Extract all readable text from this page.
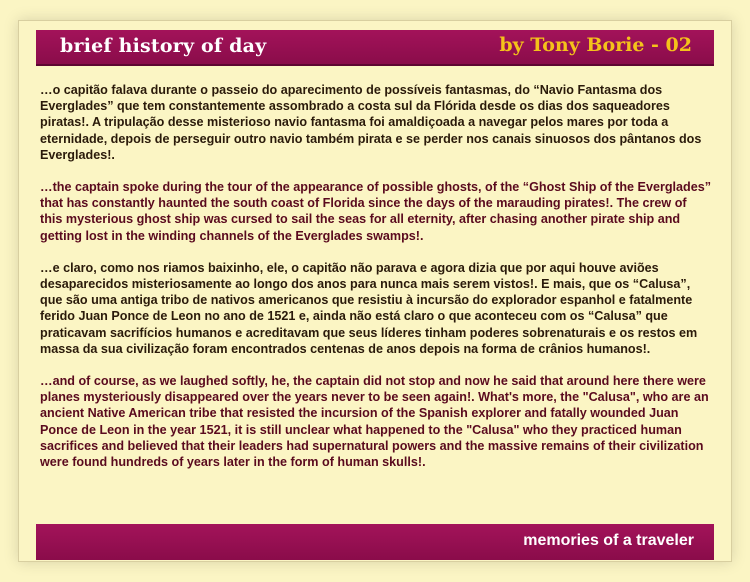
brief history of day	by Tony Borie - 02

…o capitão falava durante o passeio do aparecimento de possíveis fantasmas, do “Navio Fantasma dos Everglades” que tem constantemente assombrado a costa sul da Flórida desde os dias dos saqueadores piratas!. A tripulação desse misterioso navio fantasma foi amaldiçoada a navegar pelos mares por toda a eternidade, depois de perseguir outro navio também pirata e se perder nos canais sinuosos dos pântanos dos Everglades!.

…the captain spoke during the tour of the appearance of possible ghosts, of the “Ghost Ship of the Everglades” that has constantly haunted the south coast of Florida since the days of the marauding pirates!. The crew of this mysterious ghost ship was cursed to sail the seas for all eternity, after chasing another pirate ship and getting lost in the winding channels of the Everglades swamps!.

…e claro, como nos riamos baixinho, ele, o capitão não parava e agora dizia que por aqui houve aviões desaparecidos misteriosamente ao longo dos anos para nunca mais serem vistos!. E mais, que os “Calusa”, que são uma antiga tribo de nativos americanos que resistiu à incursão do explorador espanhol e fatalmente ferido Juan Ponce de Leon no ano de 1521 e, ainda não está claro o que aconteceu com os “Calusa” que praticavam sacrifícios humanos e acreditavam que seus líderes tinham poderes sobrenaturais e os restos em massa da sua civilização foram encontrados centenas de anos depois na forma de crânios humanos!.

…and of course, as we laughed softly, he, the captain did not stop and now he said that around here there were planes mysteriously disappeared over the years never to be seen again!. What's more, the "Calusa", who are an ancient Native American tribe that resisted the incursion of the Spanish explorer and fatally wounded Juan Ponce de Leon in the year 1521, it is still unclear what happened to the "Calusa" who they practiced human sacrifices and believed that their leaders had supernatural powers and the massive remains of their civilization were found hundreds of years later in the form of human skulls!.

memories of a traveler
